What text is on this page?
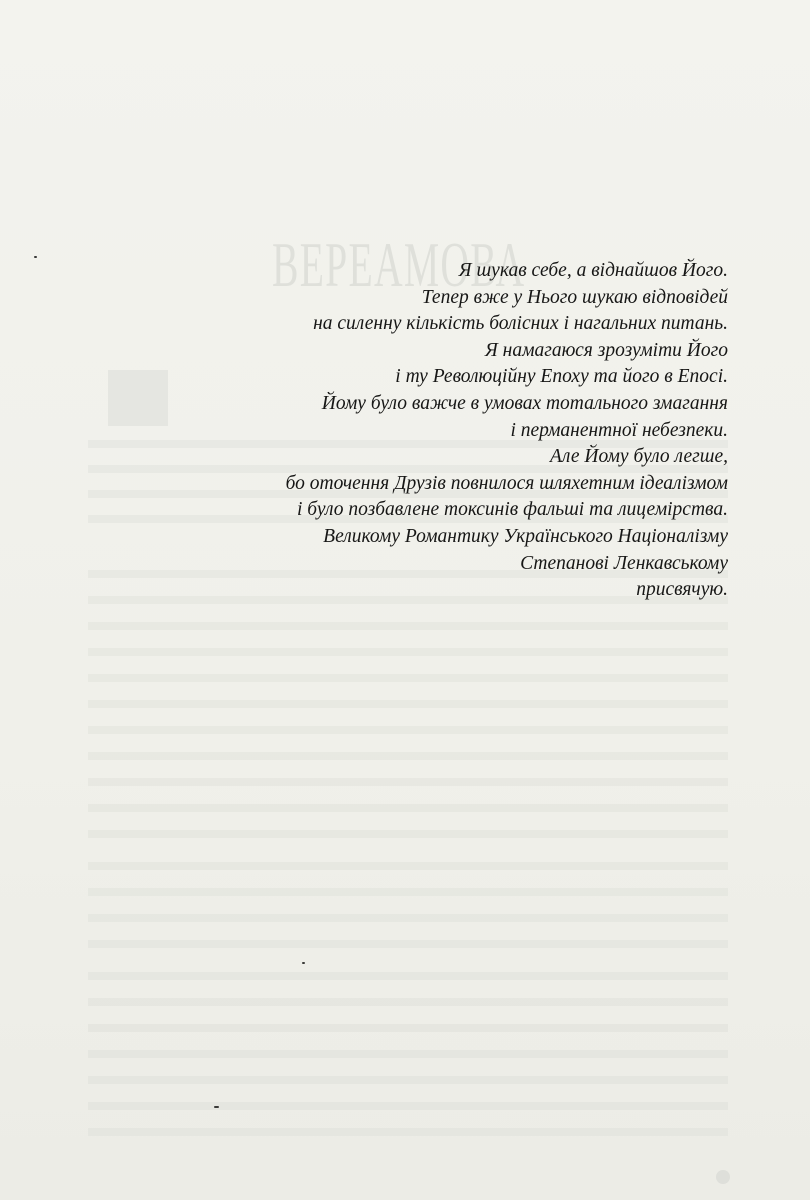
ВЕРЕАМОВА
Я шукав себе, а віднайшов Його.
Тепер вже у Нього шукаю відповідей
на силенну кількість болісних і нагальних питань.
Я намагаюся зрозуміти Його
і ту Революційну Епоху та його в Епосі.
Йому було важче в умовах тотального змагання
і перманентної небезпеки.
Але Йому було легше,
бо оточення Друзів повнилося шляхетним ідеалізмом
і було позбавлене токсинів фальші та лицемірства.
Великому Романтику Українського Націоналізму
Степанові Ленкавському
присвячую.
